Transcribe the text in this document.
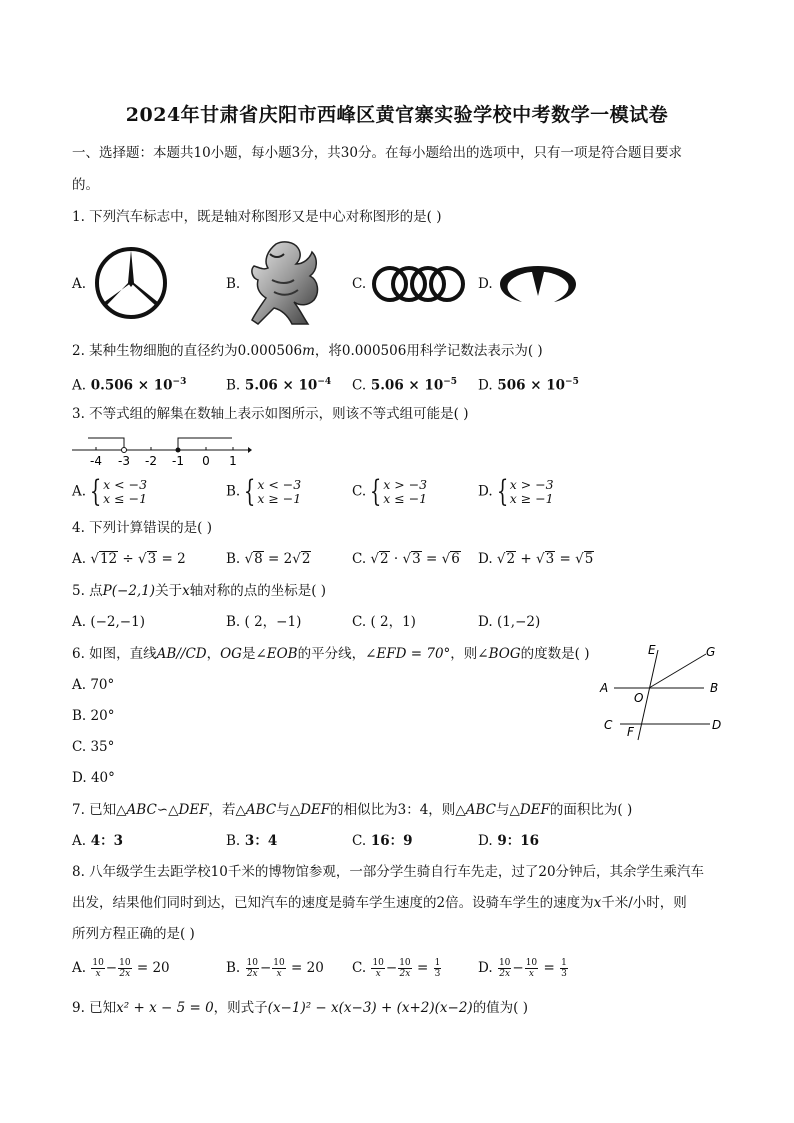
2024年甘肃省庆阳市西峰区黄官寨实验学校中考数学一模试卷
一、选择题：本题共10小题，每小题3分，共30分。在每小题给出的选项中，只有一项是符合题目要求
的。
1. 下列汽车标志中，既是轴对称图形又是中心对称图形的是( )
A.	B.	C.	D.
2. 某种生物细胞的直径约为0.000506m，将0.000506用科学记数法表示为( )
A. $0.506 \times 10^{-3}$	B. $5.06 \times 10^{-4}$ C. $5.06 \times 10^{-5}$ D. $506 \times 10^{-5}$
3. 不等式组的解集在数轴上表示如图所示，则该不等式组可能是( )
-4 -3 -2 -1 0 1
A. { x < −3
x ≤ −1	B. { x < −3
x ≥ −1	C. { x > −3
x ≤ −1	D. { x > −3
x ≥ −1
4. 下列计算错误的是( )
A. √12 ÷ √3 = 2	B. √8 = 2√2	C. √2 · √3 = √6 D. √2 + √3 = √5
5. 点P(−2,1)关于x轴对称的点的坐标是( )
A. (−2,−1)	B. ( 2，−1)	C. ( 2，1)	D. (1,−2)
6. 如图，直线AB//CD，OG是∠EOB的平分线，∠EFD = 70°，则∠BOG的度数是( )
A. 70°
B. 20°
C. 35°
D. 40°
E	G
A	B
O
C	D
F
7. 已知△ABC∽△DEF，若△ABC与△DEF的相似比为3：4，则△ABC与△DEF的面积比为( )
A. 4：3	B. 3：4	C. 16：9	D. 9：16
8. 八年级学生去距学校10千米的博物馆参观，一部分学生骑自行车先走，过了20分钟后，其余学生乘汽车
出发，结果他们同时到达，已知汽车的速度是骑车学生速度的2倍。设骑车学生的速度为x千米/小时，则
所列方程正确的是( )
A. $\frac{10}{x} - \frac{10}{2x} = 20$	B. $\frac{10}{2x} - \frac{10}{x} = 20$ C. $\frac{10}{x} - \frac{10}{2x} = \frac{1}{3}$	D. $\frac{10}{2x} - \frac{10}{x} = \frac{1}{3}$
9. 已知x² + x − 5 = 0，则式子(x−1)² − x(x−3) + (x+2)(x−2)的值为( )
